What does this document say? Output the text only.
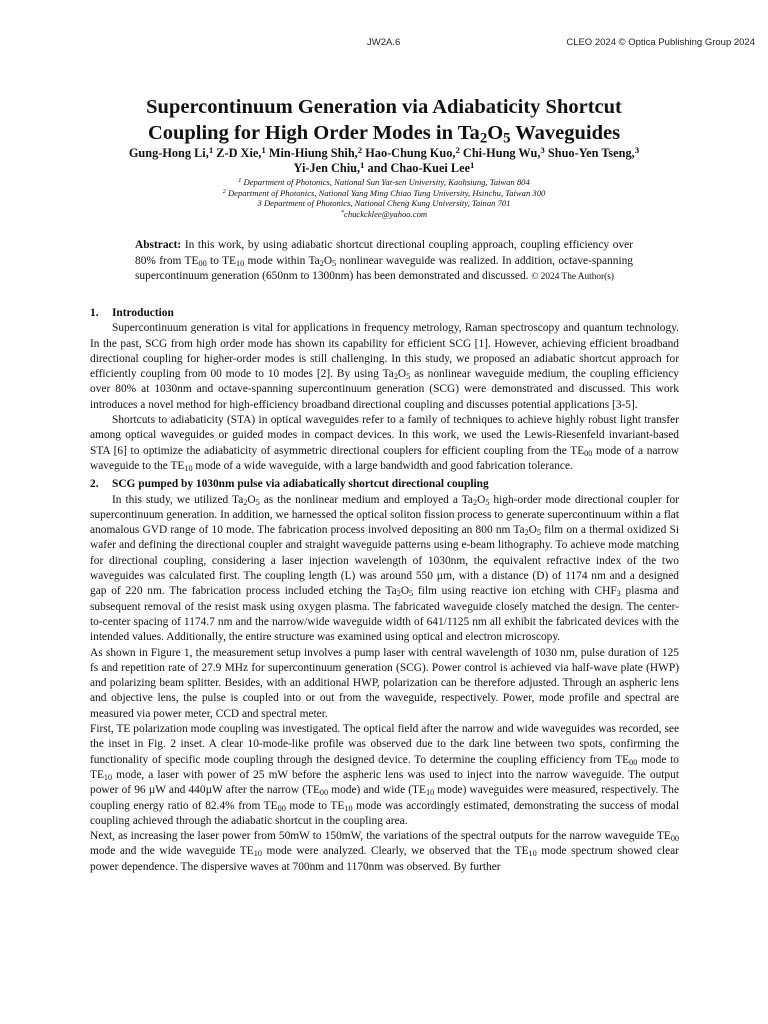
JW2A.6	CLEO 2024 © Optica Publishing Group 2024
Supercontinuum Generation via Adiabaticity Shortcut
Coupling for High Order Modes in $Ta_2O_5$ Waveguides
Gung-Hong Li,$^1$ Z-D Xie,$^1$ Min-Hiung Shih,$^2$ Hao-Chung Kuo,$^2$ Chi-Hung Wu,$^3$ Shuo-Yen Tseng,$^3$
Yi-Jen Chiu,$^1$ and Chao-Kuei Lee$^1$
$^1$ Department of Photonics, National Sun Yat-sen University, Kaohsiung, Taiwan 804
$^2$ Department of Photonics, National Yang Ming Chiao Tung University, Hsinchu, Taiwan 300
3 Department of Photonics, National Cheng Kung University, Tainan 701
*chuckcklee@yahoo.com
Abstract: In this work, by using adiabatic shortcut directional coupling approach, coupling efficiency over 80% from $TE_{00}$ to $TE_{10}$ mode within $Ta_2O_5$ nonlinear waveguide was realized. In addition, octave-spanning supercontinuum generation (650nm to 1300nm) has been demonstrated and discussed. © 2024 The Author(s)

1. Introduction

Supercontinuum generation is vital for applications in frequency metrology, Raman spectroscopy and quantum technology. In the past, SCG from high order mode has shown its capability for efficient SCG [1]. However, achieving efficient broadband directional coupling for higher-order modes is still challenging. In this study, we proposed an adiabatic shortcut approach for efficiently coupling from 00 mode to 10 modes [2]. By using $Ta_2O_5$ as nonlinear waveguide medium, the coupling efficiency over 80% at 1030nm and octave-spanning supercontinuum generation (SCG) were demonstrated and discussed. This work introduces a novel method for high-efficiency broadband directional coupling and discusses potential applications [3-5].

Shortcuts to adiabaticity (STA) in optical waveguides refer to a family of techniques to achieve highly robust light transfer among optical waveguides or guided modes in compact devices. In this work, we used the Lewis-Riesenfeld invariant-based STA [6] to optimize the adiabaticity of asymmetric directional couplers for efficient coupling from the $TE_{00}$ mode of a narrow waveguide to the $TE_{10}$ mode of a wide waveguide, with a large bandwidth and good fabrication tolerance.

2. SCG pumped by 1030nm pulse via adiabatically shortcut directional coupling

In this study, we utilized $Ta_2O_5$ as the nonlinear medium and employed a $Ta_2O_5$ high-order mode directional coupler for supercontinuum generation. In addition, we harnessed the optical soliton fission process to generate supercontinuum within a flat anomalous GVD range of 10 mode. The fabrication process involved depositing an 800 nm $Ta_2O_5$ film on a thermal oxidized Si wafer and defining the directional coupler and straight waveguide patterns using e-beam lithography. To achieve mode matching for directional coupling, considering a laser injection wavelength of 1030nm, the equivalent refractive index of the two waveguides was calculated first. The coupling length (L) was around 550 µm, with a distance (D) of 1174 nm and a designed gap of 220 nm. The fabrication process included etching the $Ta_2O_5$ film using reactive ion etching with $CHF_3$ plasma and subsequent removal of the resist mask using oxygen plasma. The fabricated waveguide closely matched the design. The center-to-center spacing of 1174.7 nm and the narrow/wide waveguide width of 641/1125 nm all exhibit the fabricated devices with the intended values. Additionally, the entire structure was examined using optical and electron microscopy.

As shown in Figure 1, the measurement setup involves a pump laser with central wavelength of 1030 nm, pulse duration of 125 fs and repetition rate of 27.9 MHz for supercontinuum generation (SCG). Power control is achieved via half-wave plate (HWP) and polarizing beam splitter. Besides, with an additional HWP, polarization can be therefore adjusted. Through an aspheric lens and objective lens, the pulse is coupled into or out from the waveguide, respectively. Power, mode profile and spectral are measured via power meter, CCD and spectral meter.

First, TE polarization mode coupling was investigated. The optical field after the narrow and wide waveguides was recorded, see the inset in Fig. 2 inset. A clear 10-mode-like profile was observed due to the dark line between two spots, confirming the functionality of specific mode coupling through the designed device. To determine the coupling efficiency from $TE_{00}$ mode to $TE_{10}$ mode, a laser with power of 25 mW before the aspheric lens was used to inject into the narrow waveguide. The output power of 96 µW and 440µW after the narrow ($TE_{00}$ mode) and wide ($TE_{10}$ mode) waveguides were measured, respectively. The coupling energy ratio of 82.4% from $TE_{00}$ mode to $TE_{10}$ mode was accordingly estimated, demonstrating the success of modal coupling achieved through the adiabatic shortcut in the coupling area.

Next, as increasing the laser power from 50mW to 150mW, the variations of the spectral outputs for the narrow waveguide $TE_{00}$ mode and the wide waveguide $TE_{10}$ mode were analyzed. Clearly, we observed that the $TE_{10}$ mode spectrum showed clear power dependence. The dispersive waves at 700nm and 1170nm was observed. By further
